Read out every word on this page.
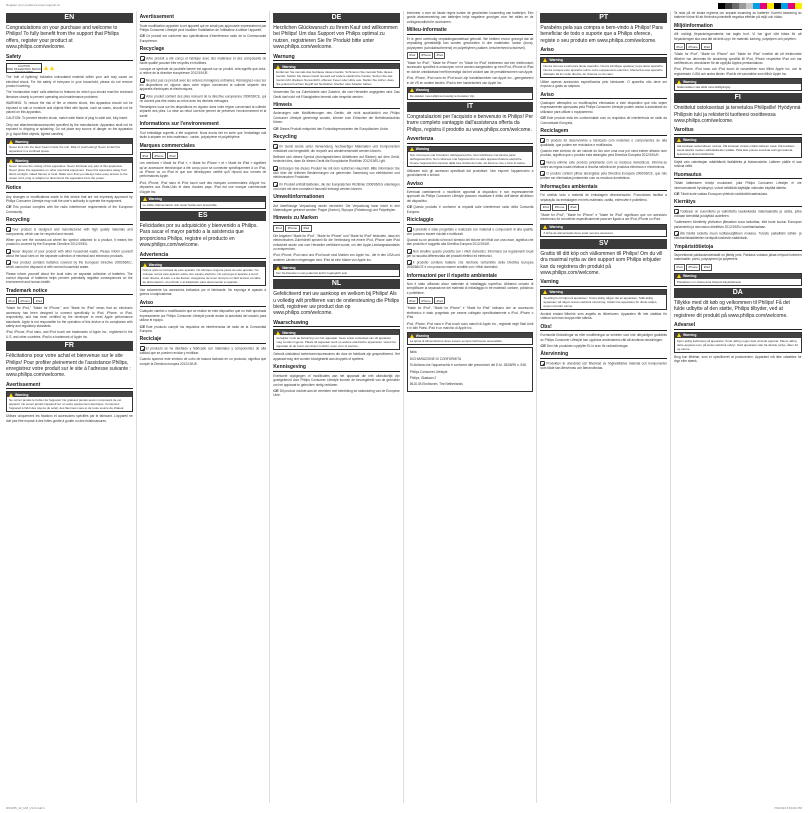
Register your product and get support at
EN
Congratulations on your purchase and welcome to Philips! To fully benefit from the support that Philips offers, register your product at www.philips.com/welcome.
Safety
CAUTION
RISK OF ELECTRIC SHOCK DO NOT OPEN
The 'bolt of lightning' indicates uninsulated material within your unit may cause an electrical shock. For the safety of everyone in your household, please do not remove product covering.
The 'exclamation mark' calls attention to features for which you should read the enclosed literature closely to prevent operating and maintenance problems.
WARNING: To reduce the risk of fire or electric shock, this apparatus should not be exposed to rain or moisture and objects filled with liquids, such as vases, should not be placed on this apparatus.
CAUTION: To prevent electric shock, match wide blade of plug to wide slot, fully insert.
Only use attachments/accessories specified by the manufacturer. Apparatus shall not be exposed to dripping or splashing. Do not place any source of danger on the apparatus (e.g. liquid filled objects, lighted candles).
Warning
Never look into the laser beam inside the unit. Risk of overheating! Never install this apparatus in a confined space.
Warning
Never remove the casing of this apparatus. Never lubricate any part of this apparatus. Never place this apparatus on other electrical equipment. Keep this apparatus away from direct sunlight, naked flames or heat. Make sure that you always have easy access to the power cord, plug or adaptor to disconnect the apparatus from the power.
Notice
Any changes or modifications made to this device that are not expressly approved by Philips Consumer Lifestyle may void the user's authority to operate the equipment.
CEThis product complies with the radio interference requirements of the European Community.
Recycling
Your product is designed and manufactured with high quality materials and components, which can be recycled and reused.
When you see the crossed-out wheel bin symbol attached to a product, it means the product is covered by the European Directive 2012/19/EU.
Never dispose of your product with other household waste. Please inform yourself about the local rules on the separate collection of electrical and electronic products.
Your product contains batteries covered by the European Directive 2006/66/EC, which cannot be disposed of with normal household waste.
Please inform yourself about the local rules on separate collection of batteries. The correct disposal of batteries helps prevent potentially negative consequences on the environment and human health.
Trademark notice
iPod	iPhone	iPad
"Made for iPod," "Made for iPhone," and "Made for iPad" mean that an electronic accessory has been designed to connect specifically to iPod, iPhone, or iPad, respectively, and has been certified by the developer to meet Apple performance standards. Apple is not responsible for the operation of this device or its compliance with safety and regulatory standards.
iPod, iPhone, iPod nano, and iPod touch are trademarks of Apple Inc., registered in the U.S. and other countries. iPad is a trademark of Apple Inc.
FR
Félicitations pour votre achat et bienvenue sur le site Philips! Pour profiter pleinement de l'assistance Philips, enregistrez votre produit sur le site à l'adresse suivante : www.philips.com/welcome.
Avertissement
Warning
Ne retirez jamais le boîtier de l'appareil. Ne graissez jamais aucun composant de cet appareil. Ne posez jamais l'appareil sur un autre équipement électrique. Conservez l'appareil à l'abri des rayons du soleil, des flammes nues et de toute source de chaleur.
Utilisez uniquement les fixations et accessoires spécifiés par le fabricant. L'appareil ne doit pas être exposé à des fuites goutte à goutte ou des éclaboussures.
Avertissement
Toute modification apportée à cet appareil qui ne serait pas approuvée expressément par Philips Consumer Lifestyle peut invalider l'habilitation de l'utilisateur à utiliser l'appareil.
CECe produit est conforme aux spécifications d'interférence radio de la Communauté Européenne.
Recyclage
Votre produit a été conçu et fabriqué avec des matériaux et des composants de haute qualité pouvant être recyclés et réutilisés.
Lorsque ce symbole de poubelle barrée est apposé sur un produit, cela signifie que celui-ci relève de la directive européenne 2012/19/UE.
Ne jetez pas ce produit avec les ordures ménagères ordinaires. Renseignez-vous sur les dispositions en vigueur dans votre région concernant la collecte séparée des appareils électriques et électroniques.
Votre produit contient des piles relevant de la directive européenne 2006/66/CE, qui ne doivent pas être mises au rebut avec les déchets ménagers.
Renseignez-vous sur les dispositions en vigueur dans votre région concernant la collecte séparée des piles. La mise au rebut correcte permet de préserver l'environnement et la santé.
Informations sur l'environnement
Tout emballage superflu a été supprimé. Nous avons fait en sorte que l'emballage soit facile à séparer en trois matériaux : carton, polystyrène et polyéthylène.
Marques commerciales
iPod	iPhone	iPad
Les mentions « Made for iPod », « Made for iPhone » et « Made for iPad » signifient qu'un accessoire électronique a été conçu pour se connecter spécifiquement à un iPod, un iPhone ou un iPad et que son développeur certifie qu'il répond aux normes de performances Apple.
iPod, iPhone, iPod nano et iPod touch sont des marques commerciales d'Apple Inc. déposées aux États-Unis et dans d'autres pays. iPad est une marque commerciale d'Apple Inc.
Warning
Le câble d'alimentation doit rester facilement accessible.
ES
Felicidades por su adquisición y bienvenido a Philips. Para sacar el mayor partido a la asistencia que proporciona Philips, registre el producto en www.philips.com/welcome.
Advertencia
Warning
Nunca quite la carcasa de este aparato. No lubrique ninguna pieza de este aparato. No coloque nunca este aparato sobre otro equipo eléctrico. No exponga el aparato a la luz solar directa, al calor o a las llamas. Asegúrese de tener siempre un fácil acceso al cable de alimentación, al enchufe o al adaptador para desconectar el aparato.
Use solamente los accesorios indicados por el fabricante. No exponga el aparato a goteos ni salpicaduras.
Aviso
Cualquier cambio o modificación que se realice en este dispositivo que no esté aprobada expresamente por Philips Consumer Lifestyle puede anular la autoridad del usuario para utilizar el equipo.
CEEste producto cumple los requisitos de interferencias de radio de la Comunidad Europea.
Reciclaje
El producto se ha diseñado y fabricado con materiales y componentes de alta calidad que se pueden reciclar y reutilizar.
Cuando aparece este símbolo de cubo de basura tachado en un producto, significa que cumple la Directiva europea 2012/19/UE.
DE
Herzlichen Glückwunsch zu Ihrem Kauf und willkommen bei Philips! Um das Support von Philips optimal zu nutzen, registrieren Sie Ihr Produkt bitte unter www.philips.com/welcome.
Warnung
Warning
Entfernen Sie niemals das Gehäuse dieses Geräts. Schmieren Sie niemals Teile dieses Geräts. Stellen Sie dieses Gerät niemals auf andere elektrische Geräte. Setzen Sie das Gerät nicht direktem Sonnenlicht, offenem Feuer oder Hitze aus. Stellen Sie sicher, dass Sie jederzeit leichten Zugriff auf Netzkabel, Stecker oder Adapter haben.
Verwenden Sie nur Zubehörteile oder Zubehör, die vom Hersteller angegeben sind. Das Gerät darf nicht mit Flüssigkeiten benetzt oder bespritzt werden.
Hinweis
Änderungen oder Modifizierungen des Geräts, die nicht ausdrücklich von Philips Consumer Lifestyle genehmigt wurden, können zum Erlöschen der Betriebserlaubnis führen.
CEDieses Produkt entspricht den Funkstörgrenzwerten der Europäischen Union.
Recycling
Ihr Gerät wurde unter Verwendung hochwertiger Materialien und Komponenten entwickelt und hergestellt, die recycelt und wiederverwendet werden können.
Befindet sich dieses Symbol (durchgestrichene Abfalltonne auf Rädern) auf dem Gerät, bedeutet dies, dass für dieses Gerät die Europäische Richtlinie 2012/19/EU gilt.
Entsorgen Sie dieses Produkt nie mit dem restlichen Hausmüll. Bitte informieren Sie sich über die örtlichen Bestimmungen zur getrennten Sammlung von elektrischen und elektronischen Produkten.
Ihr Produkt enthält Batterien, die der Europäischen Richtlinie 2006/66/EG unterliegen und nicht mit dem normalen Hausmüll entsorgt werden können.
Umweltinformationen
Auf überflüssige Verpackung wurde verzichtet. Die Verpackung kann leicht in drei Materialtypen getrennt werden: Pappe (Karton), Styropor (Polsterung) und Polyethylen.
Hinweis zu Marken
iPod	iPhone	iPad
Die Angaben "Made for iPod", "Made for iPhone" und "Made for iPad" bedeuten, dass ein elektronisches Zubehörteil speziell für die Verbindung mit einem iPod, iPhone oder iPad entwickelt wurde und vom Hersteller zertifiziert wurde, um den Apple-Leistungsstandards zu entsprechen.
iPod, iPhone, iPod nano und iPod touch sind Marken von Apple Inc., die in den USA und anderen Ländern eingetragen sind. iPad ist eine Marke von Apple Inc.
Warning
Der Netzstecker muss jederzeit leicht zugänglich sein.
NL
Gefeliciteerd met uw aankoop en welkom bij Philips! Als u volledig wilt profiteren van de ondersteuning die Philips biedt, registreer uw product dan op www.philips.com/welcome.
Waarschuwing
Warning
Verwijder nooit de behuizing van het apparaat. Geen enkel onderdeel van dit apparaat mag worden ingevet. Plaats dit apparaat nooit op andere elektrische apparatuur. Houd het apparaat uit de buurt van direct zonlicht, open vuur of warmte.
Gebruik uitsluitend toebehoren/accessoires die door de fabrikant zijn gespecificeerd. Het apparaat mag niet worden blootgesteld aan druppels of spetters.
Kennisgeving
Eventuele wijzigingen of modificaties aan het apparaat die niet uitdrukkelijk zijn goedgekeurd door Philips Consumer Lifestyle kunnen de bevoegdheid van de gebruiker om het apparaat te gebruiken nietig verklaren.
CEDit product voldoet aan de vereisten met betrekking tot radiostoring van de Europese Unie.
Informeer u over de lokale regels inzake de gescheiden inzameling van batterijen. Een goede afvalverwerking van batterijen helpt negatieve gevolgen voor het milieu en de volksgezondheid te voorkomen.
Milieu-informatie
Er is geen overbodig verpakkingsmateriaal gebruikt. We hebben ervoor gezorgd dat de verpakking gemakkelijk kan worden gescheiden in drie materialen: karton (doos), polystyreen (schokabsorberend) en polyethyleen (zakken, beschermend schuimvel).
iPod	iPhone	iPad
"Made for iPod", "Made for iPhone" en "Made for iPad" betekenen dat een elektronisch accessoire specifiek is ontworpen om te worden aangesloten op een iPod, iPhone of iPad en dat de ontwikkelaar heeft bevestigd dat het voldoet aan de prestatienormen van Apple.
iPod, iPhone, iPod nano en iPod touch zijn handelsmerken van Apple Inc., geregistreerd in de VS en andere landen. iPad is een handelsmerk van Apple Inc.
Warning
De stekker moet altijd eenvoudig te bereiken zijn.
IT
Congratulazioni per l'acquisto e benvenuto in Philips! Per trarre completo vantaggio dall'assistenza offerta da Philips, registra il prodotto su www.philips.com/welcome.
Avvertenza
Warning
Non rimuovere mai l'involucro dell'apparecchio. Non lubrificare mai alcuna parte dell'apparecchio. Non collocare mai l'apparecchio su altre apparecchiature elettriche. Tenere l'apparecchio lontano dalla luce diretta del sole, da fiamme vive o fonti di calore.
Utilizzare solo gli accessori specificati dal produttore. Non esporre l'apparecchio a gocciolamenti o schizzi.
Avviso
Eventuali cambiamenti o modifiche apportati al dispositivo e non espressamente approvati da Philips Consumer Lifestyle possono invalidare il diritto dell'utente all'utilizzo del dispositivo.
CEQuesto prodotto è conforme ai requisiti sulle interferenze radio della Comunità Europea.
Riciclaggio
Il prodotto è stato progettato e realizzato con materiali e componenti di alta qualità, che possono essere riciclati e riutilizzati.
Quando su un prodotto si trova il simbolo del bidone dei rifiuti con una croce, significa che tale prodotto è soggetto alla Direttiva Europea 2012/19/UE.
Non smaltire questo prodotto con i rifiuti domestici. Informarsi sui regolamenti locali per la raccolta differenziata dei prodotti elettrici ed elettronici.
Il prodotto contiene batterie che rientrano nell'ambito della Direttiva Europea 2006/66/CE e non possono essere smaltite con i rifiuti domestici.
Informazioni per il rispetto ambientale
Non è stato utilizzato alcun materiale di imballaggio superfluo. Abbiamo cercato di semplificare la separazione dei materiali di imballaggio in tre materiali: cartone, polistirolo e polietilene.
iPod	iPhone	iPad
"Made for iPod", "Made for iPhone" e "Made for iPad" indicano che un accessorio elettronico è stato progettato per essere collegato specificatamente a iPod, iPhone o iPad.
iPod, iPhone, iPod nano e iPod touch sono marchi di Apple Inc., registrati negli Stati Uniti e in altri Paesi. iPad è un marchio di Apple Inc.
Warning
La spina di alimentazione deve essere sempre facilmente accessibile.
Italia
DICHIARAZIONE DI CONFORMITÀ
Si dichiara che l'apparecchio è conforme alle prescrizioni del D.M. 28/08/95 n. 548.
Philips Consumer Lifestyle
Philips, Glaslaan 2
5616 JB Eindhoven, The Netherlands
PT
Parabéns pela sua compra e bem-vindo à Philips! Para beneficiar de todo o suporte que a Philips oferece, registe o seu produto em www.philips.com/welcome.
Aviso
Warning
Nunca remova a estrutura deste aparelho. Nunca lubrifique qualquer peça deste aparelho. Nunca coloque este aparelho sobre outro equipamento eléctrico. Mantenha este aparelho afastado da luz solar directa, de chamas ou do calor.
Utilize apenas acessórios especificados pelo fabricante. O aparelho não deve ser exposto a gotas ou salpicos.
Aviso
Quaisquer alterações ou modificações efectuadas a este dispositivo que não sejam expressamente aprovadas pela Philips Consumer Lifestyle podem anular a autoridade do utilizador para utilizar o equipamento.
CEEste produto está em conformidade com os requisitos de interferência de rádio da Comunidade Europeia.
Reciclagem
O produto foi desenvolvido e fabricado com materiais e componentes de alta qualidade, que podem ser reciclados e reutilizados.
Quando este símbolo de um caixote do lixo com uma cruz por cima estiver afixado num produto, significa que o produto está abrangido pela Directiva Europeia 2012/19/UE.
Nunca elimine este produto juntamente com os resíduos domésticos. Informe-se sobre as regras locais relativas à recolha selectiva de produtos eléctricos e electrónicos.
O produto contém pilhas abrangidas pela Directiva Europeia 2006/66/CE, que não podem ser eliminadas juntamente com os resíduos domésticos.
Informações ambientais
Foi omitido todo o material de embalagem desnecessário. Procurámos facilitar a separação da embalagem em três materiais: cartão, esferovite e polietileno.
iPod	iPhone	iPad
"Made for iPod", "Made for iPhone" e "Made for iPad" significam que um acessório electrónico foi concebido especificamente para ser ligado a um iPod, iPhone ou iPad.
Warning
A ficha de alimentação deve estar sempre acessível.
SV
Grattis till ditt köp och välkommen till Philips! Om du vill dra maximal nytta av den support som Philips erbjuder kan du registrera din produkt på www.philips.com/welcome.
Varning
Warning
Ta aldrig bort höljet på apparaten. Smörj aldrig någon del av apparaten. Ställ aldrig apparaten på någon annan elektrisk utrustning. Utsätt inte apparaten för direkt solljus, öppen eld eller värme.
Använd endast tillbehör som angetts av tillverkaren. Apparaten får inte utsättas för vätskor som kan droppa eller stänka.
Obs!
Eventuella förändringar av eller modifieringar av enheten som inte uttryckligen godkänts av Philips Consumer Lifestyle kan upphäva användarens rätt att använda utrustningen.
CEDen här produkten uppfyller EU:s krav för radiostörningar.
Återvinning
Produkten är utvecklad och tillverkad av högkvalitativa material och komponenter som både kan återvinnas och återanvändas.
Ta reda på de lokala reglerna om separat insamling av batterier. Korrekt kassering av batterier bidrar till att förhindra potentiellt negativa effekter på miljö och hälsa.
Miljöinformation
Allt onödigt förpackningsmaterial har tagits bort. Vi har gjort vårt bästa för att förpackningen ska vara lätt att dela upp i tre material: kartong, polystyren och polyeten.
iPod	iPhone	iPad
"Made for iPod", "Made for iPhone" och "Made for iPad" innebär att ett elektroniskt tillbehör har utformats för anslutning specifikt till iPod, iPhone respektive iPad och har certifierats av utvecklaren för att uppfylla Apples prestandakrav.
iPod, iPhone, iPod nano och iPod touch är varumärken som tillhör Apple Inc. och är registrerade i USA och andra länder. iPad är ett varumärke som tillhör Apple Inc.
Warning
Nätkontakten ska alltid vara lättillgänglig.
FI
Onnittelut ostoksestasi ja tervetuloa Philipsille! Hyödynnä Philipsin tuki ja rekisteröi tuotteesi osoitteessa www.philips.com/welcome.
Varoitus
Warning
Älä koskaan avaa laitteen runkoa. Älä koskaan voitele mitään laitteen osaa. Älä koskaan aseta laitetta muiden sähkölaitteiden päälle. Pidä laite poissa suorasta auringonvalosta, liekeistä ja lämmönlähteistä.
Käytä vain valmistajan määrittämiä lisälaitteita ja lisävarusteita. Laitteen päälle ei saa roiskua vettä.
Huomautus
Tähän laitteeseen tehdyt muutokset, joita Philips Consumer Lifestyle ei ole nimenomaisesti hyväksynyt, voivat mitätöidä käyttäjän oikeuden käyttää laitetta.
CETämä tuote vastaa Euroopan yhteisön radiohäiriövaatimuksia.
Kierrätys
Tuotteesi on suunniteltu ja valmistettu laadukkaista materiaaleista ja osista, jotka voidaan kierrättää ja käyttää uudelleen.
Tuotteeseen kiinnitetty yliviivatun jäteastian kuva tarkoittaa, että tuote kuuluu Euroopan parlamentin ja neuvoston direktiivin 2012/19/EU soveltamisalaan.
Älä hävitä tuotetta muun kotitalousjätteen mukana. Tutustu paikallisiin sähkö- ja elektroniikkalaitteiden keräystä koskeviin säädöksiin.
Ympäristötietoja
Tarpeettomat pakkausmateriaalit on jätetty pois. Pakkaus voidaan jakaa helposti kolmeen materiaaliin: pahvi, polystyreeni ja polyeteeni.
iPod	iPhone	iPad
Warning
Pistokkeen on oltava aina helposti käytettävissä.
DA
Tillykke med dit køb og velkommen til Philips! Få det fulde udbytte af den støtte, Philips tilbyder, ved at registrere dit produkt på www.philips.com/welcome.
Advarsel
Warning
Fjern aldrig kabinettet på apparatet. Smør aldrig nogen dele af dette apparat. Placer aldrig dette apparat oven på andet elektrisk udstyr. Hold apparatet væk fra direkte sollys, åben ild og varme.
Brug kun tilbehør, som er specificeret af producenten. Apparatet må ikke udsættes for dryp eller stænk.
DS1155_12_UM_V1.0.indd 1	7/4/2013 3:54:01 PM
